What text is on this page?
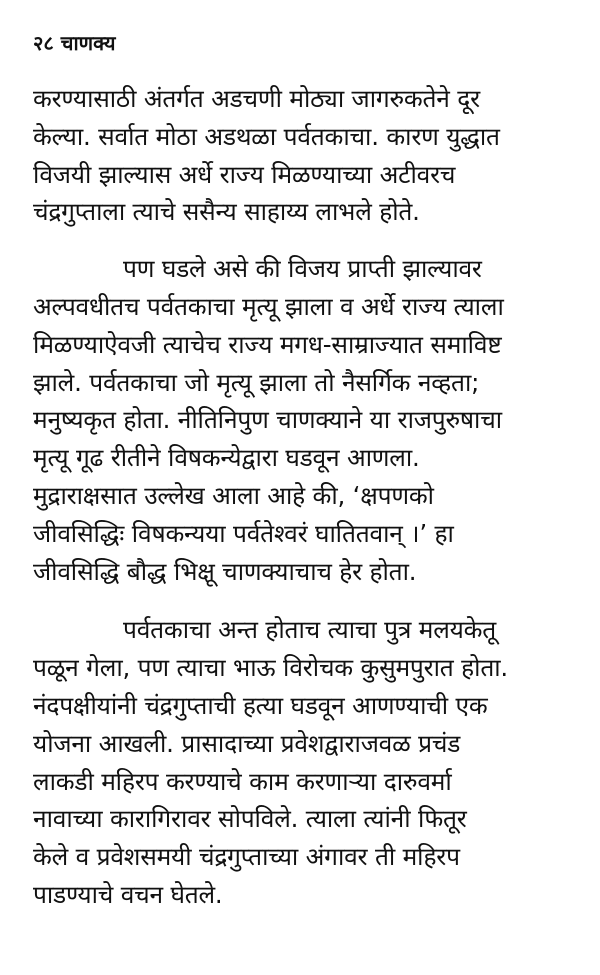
२८ चाणक्य
करण्यासाठी अंतर्गत अडचणी मोठ्या जागरुकतेने दूर
केल्या. सर्वात मोठा अडथळा पर्वतकाचा. कारण युद्धात
विजयी झाल्यास अर्धे राज्य मिळण्याच्या अटीवरच
चंद्रगुप्ताला त्याचे ससैन्य साहाय्य लाभले होते.
पण घडले असे की विजय प्राप्ती झाल्यावर
अल्पवधीतच पर्वतकाचा मृत्यू झाला व अर्धे राज्य त्याला
मिळण्याऐवजी त्याचेच राज्य मगध-साम्राज्यात समाविष्ट
झाले. पर्वतकाचा जो मृत्यू झाला तो नैसर्गिक नव्हता;
मनुष्यकृत होता. नीतिनिपुण चाणक्याने या राजपुरुषाचा
मृत्यू गूढ रीतीने विषकन्येद्वारा घडवून आणला.
मुद्राराक्षसात उल्लेख आला आहे की, ‘क्षपणको
जीवसिद्धिः विषकन्यया पर्वतेश्वरं घातितवान् ।’ हा
जीवसिद्धि बौद्ध भिक्षू चाणक्याचाच हेर होता.
पर्वतकाचा अन्त होताच त्याचा पुत्र मलयकेतू
पळून गेला, पण त्याचा भाऊ विरोचक कुसुमपुरात होता.
नंदपक्षीयांनी चंद्रगुप्ताची हत्या घडवून आणण्याची एक
योजना आखली. प्रासादाच्या प्रवेशद्वाराजवळ प्रचंड
लाकडी महिरप करण्याचे काम करणाऱ्या दारुवर्मा
नावाच्या कारागिरावर सोपविले. त्याला त्यांनी फितूर
केले व प्रवेशसमयी चंद्रगुप्ताच्या अंगावर ती महिरप
पाडण्याचे वचन घेतले.
